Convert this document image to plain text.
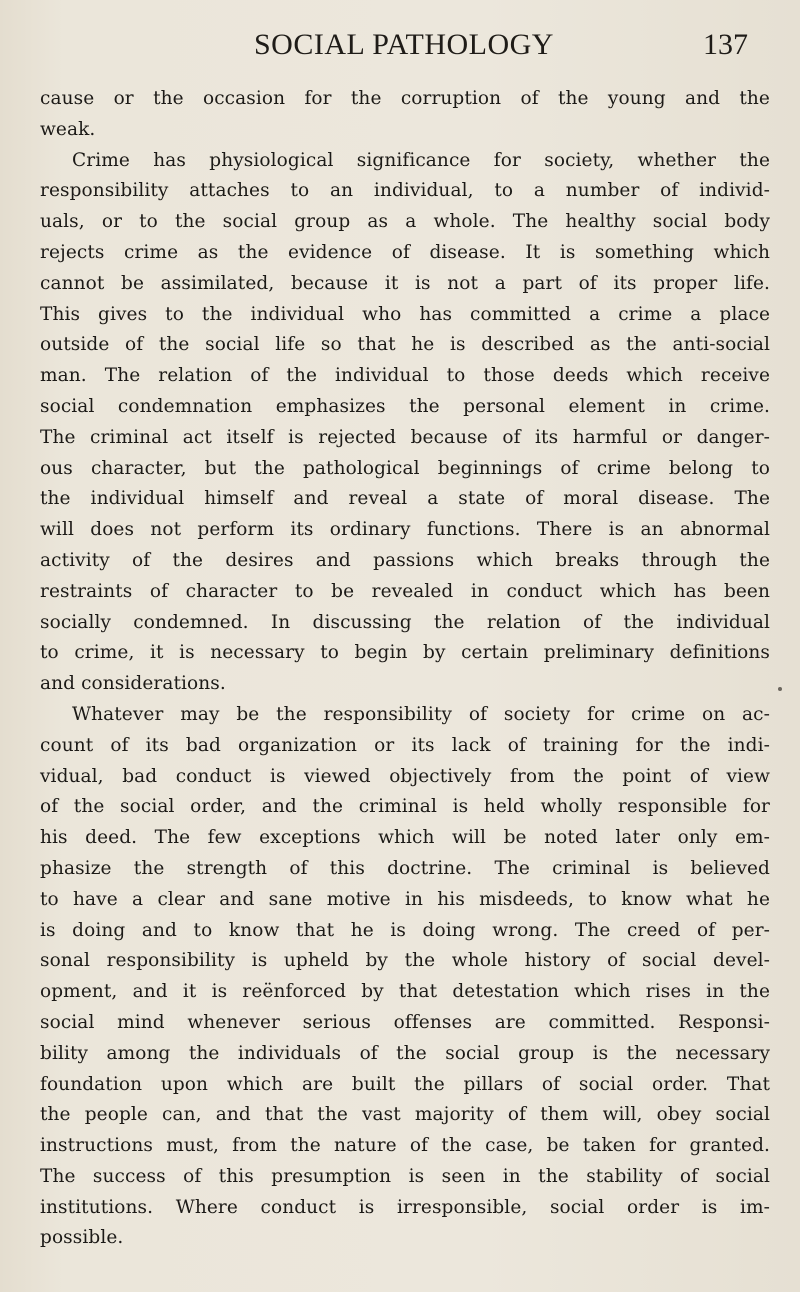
SOCIAL PATHOLOGY	137
cause or the occasion for the corruption of the young and the
weak.
Crime has physiological significance for society, whether the
responsibility attaches to an individual, to a number of individ-
uals, or to the social group as a whole. The healthy social body
rejects crime as the evidence of disease. It is something which
cannot be assimilated, because it is not a part of its proper life.
This gives to the individual who has committed a crime a place
outside of the social life so that he is described as the anti-social
man. The relation of the individual to those deeds which receive
social condemnation emphasizes the personal element in crime.
The criminal act itself is rejected because of its harmful or danger-
ous character, but the pathological beginnings of crime belong to
the individual himself and reveal a state of moral disease. The
will does not perform its ordinary functions. There is an abnormal
activity of the desires and passions which breaks through the
restraints of character to be revealed in conduct which has been
socially condemned. In discussing the relation of the individual
to crime, it is necessary to begin by certain preliminary definitions
and considerations.
Whatever may be the responsibility of society for crime on ac-
count of its bad organization or its lack of training for the indi-
vidual, bad conduct is viewed objectively from the point of view
of the social order, and the criminal is held wholly responsible for
his deed. The few exceptions which will be noted later only em-
phasize the strength of this doctrine. The criminal is believed
to have a clear and sane motive in his misdeeds, to know what he
is doing and to know that he is doing wrong. The creed of per-
sonal responsibility is upheld by the whole history of social devel-
opment, and it is reënforced by that detestation which rises in the
social mind whenever serious offenses are committed. Responsi-
bility among the individuals of the social group is the necessary
foundation upon which are built the pillars of social order. That
the people can, and that the vast majority of them will, obey social
instructions must, from the nature of the case, be taken for granted.
The success of this presumption is seen in the stability of social
institutions. Where conduct is irresponsible, social order is im-
possible.
